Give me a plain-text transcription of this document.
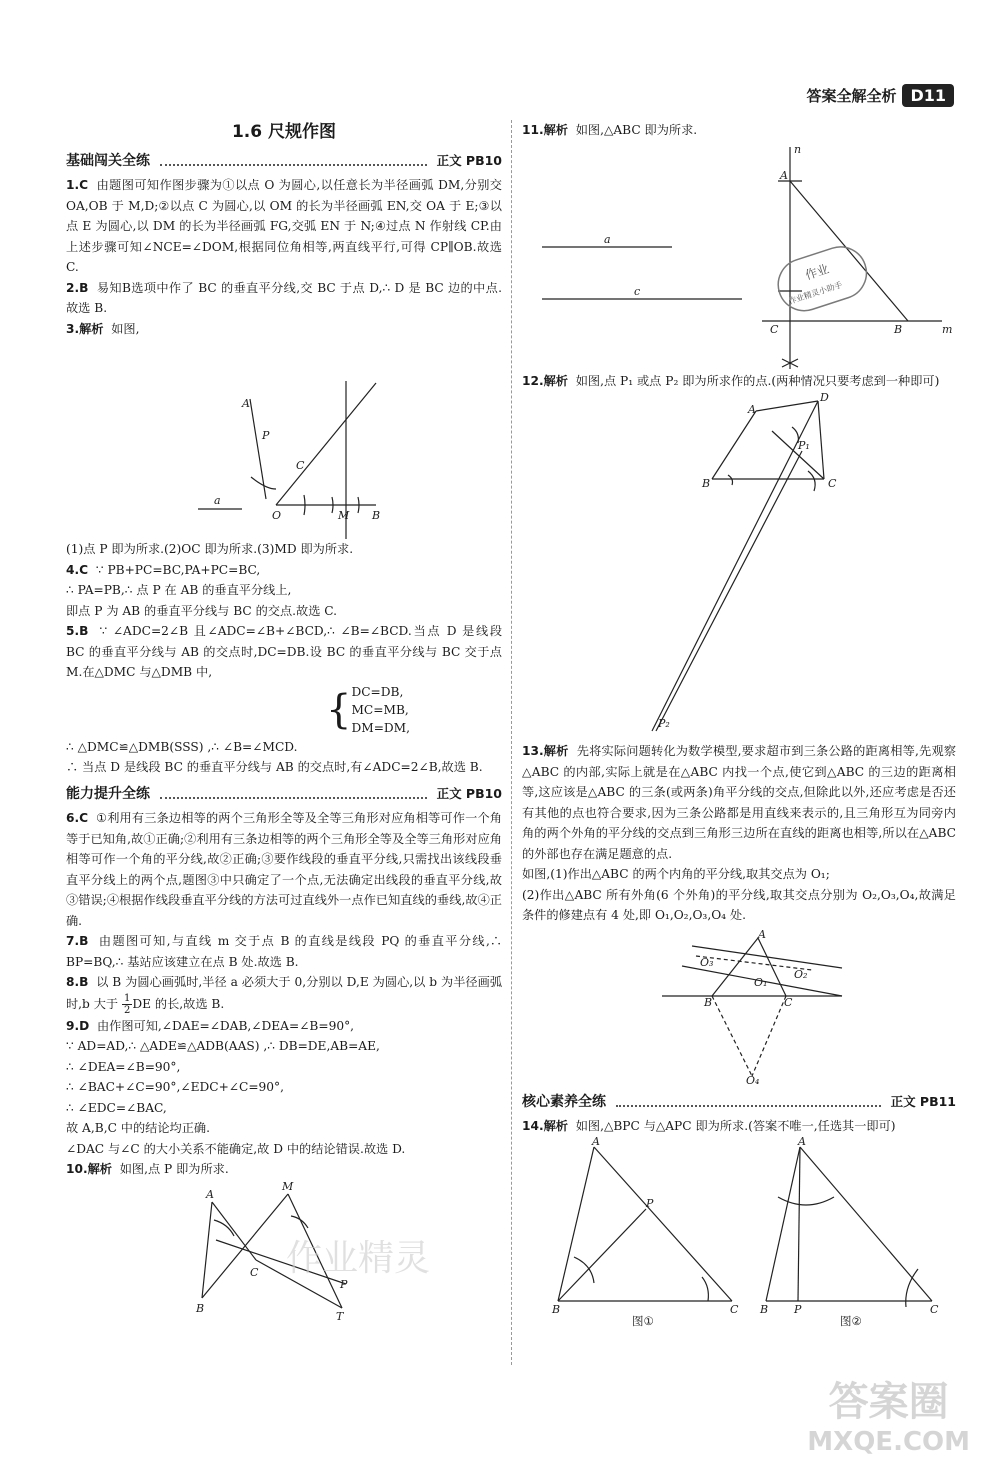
答案全解全析 D11
1.6 尺规作图
基础闯关全练	正文 PB10

1.C 由题图可知作图步骤为①以点 O 为圆心,以任意长为半径画弧 DM,分别交 OA,OB 于 M,D;②以点 C 为圆心,以 OM 的长为半径画弧 EN,交 OA 于 E;③以点 E 为圆心,以 DM 的长为半径画弧 FG,交弧 EN 于 N;④过点 N 作射线 CP.由上述步骤可知∠NCE=∠DOM,根据同位角相等,两直线平行,可得 CP∥OB.故选 C.

2.B 易知B选项中作了 BC 的垂直平分线,交 BC 于点 D,∴ D 是 BC 边的中点.故选 B.

3.解析 如图,

A
P
C
a
O	M B

(1)点 P 即为所求.(2)OC 即为所求.(3)MD 即为所求.

4.C ∵ PB+PC=BC,PA+PC=BC,

∴ PA=PB,∴ 点 P 在 AB 的垂直平分线上,

即点 P 为 AB 的垂直平分线与 BC 的交点.故选 C.

5.B ∵ ∠ADC=2∠B 且∠ADC=∠B+∠BCD,∴ ∠B=∠BCD.当点 D 是线段 BC 的垂直平分线与 AB 的交点时,DC=DB.设 BC 的垂直平分线与 BC 交于点 M.在△DMC 与△DMB 中,

{ DC=DB,
MC=MB,
DM=DM,

∴ △DMC≌△DMB(SSS) ,∴ ∠B=∠MCD.

∴ 当点 D 是线段 BC 的垂直平分线与 AB 的交点时,有∠ADC=2∠B,故选 B.

能力提升全练	正文 PB10

6.C ①利用有三条边相等的两个三角形全等及全等三角形对应角相等可作一个角等于已知角,故①正确;②利用有三条边相等的两个三角形全等及全等三角形对应角相等可作一个角的平分线,故②正确;③要作线段的垂直平分线,只需找出该线段垂直平分线上的两个点,题图③中只确定了一个点,无法确定出线段的垂直平分线,故③错误;④根据作线段垂直平分线的方法可过直线外一点作已知直线的垂线,故④正确.

7.B 由题图可知,与直线 m 交于点 B 的直线是线段 PQ 的垂直平分线,∴ BP=BQ,∴ 基站应该建立在点 B 处.故选 B.

8.B 以 B 为圆心画弧时,半径 a 必须大于 0,分别以 D,E 为圆心,以 b 为半径画弧时,b 大于 $\frac{1}{2}$ DE 的长,故选 B.

9.D 由作图可知,∠DAE=∠DAB,∠DEA=∠B=90°,

∵ AD=AD,∴ △ADE≌△ADB(AAS) ,∴ DB=DE,AB=AE,

∴ ∠DEA=∠B=90°,

∴ ∠BAC+∠C=90°,∠EDC+∠C=90°,

∴ ∠EDC=∠BAC,

故 A,B,C 中的结论均正确.

∠DAC 与∠C 的大小关系不能确定,故 D 中的结论错误.故选 D.

10.解析 如图,点 P 即为所求.

A
M
C
B
P
T
作业精灵

11.解析 如图,△ABC 即为所求.

A
n
a
c
C	B	m
作业
作业精灵小助手

12.解析 如图,点 P₁ 或点 P₂ 即为所求作的点.(两种情况只要考虑到一种即可)

A
D
P₁
B	C
P₂

13.解析 先将实际问题转化为数学模型,要求超市到三条公路的距离相等,先观察△ABC 的内部,实际上就是在△ABC 内找一个点,使它到△ABC 的三边的距离相等,这应该是△ABC 的三条(或两条)角平分线的交点,但除此以外,还应考虑是否还有其他的点也符合要求,因为三条公路都是用直线来表示的,且三角形互为同旁内角的两个外角的平分线的交点到三角形三边所在直线的距离也相等,所以在△ABC 的外部也存在满足题意的点.

如图,(1)作出△ABC 的两个内角的平分线,取其交点为 O₁;

(2)作出△ABC 所有外角(6 个外角)的平分线,取其交点分别为 O₂,O₃,O₄,故满足条件的修建点有 4 处,即 O₁,O₂,O₃,O₄ 处.

A
B	C
O₃
O₁
O₂
O₄
核心素养全练	正文 PB11

14.解析 如图,△BPC 与△APC 即为所求.(答案不唯一,任选其一即可)

A
P
B	C
A
B P	C
图①	图②
答案圈
MXQE.COM
